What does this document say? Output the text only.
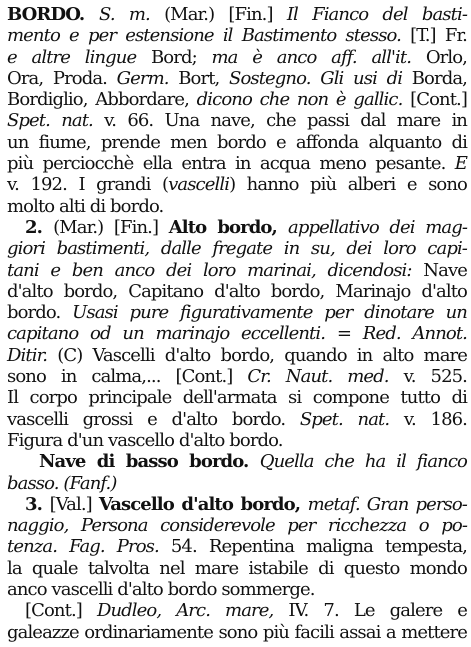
BORDO. S. m. (Mar.) [Fin.] Il Fianco del basti-
mento e per estensione il Bastimento stesso. [T.] Fr.
e altre lingue Bord; ma è anco aff. all'it. Orlo,
Ora, Proda. Germ. Bort, Sostegno. Gli usi di Borda,
Bordiglio, Abbordare, dicono che non è gallic. [Cont.]
Spet. nat. v. 66. Una nave, che passi dal mare in
un fiume, prende men bordo e affonda alquanto di
più perciocchè ella entra in acqua meno pesante. E
v. 192. I grandi (vascelli) hanno più alberi e sono
molto alti di bordo.
2. (Mar.) [Fin.] Alto bordo, appellativo dei mag-
giori bastimenti, dalle fregate in su, dei loro capi-
tani e ben anco dei loro marinai, dicendosi: Nave
d'alto bordo, Capitano d'alto bordo, Marinajo d'alto
bordo. Usasi pure figurativamente per dinotare un
capitano od un marinajo eccellenti. = Red. Annot.
Ditir. (C) Vascelli d'alto bordo, quando in alto mare
sono in calma,... [Cont.] Cr. Naut. med. v. 525.
Il corpo principale dell'armata si compone tutto di
vascelli grossi e d'alto bordo. Spet. nat. v. 186.
Figura d'un vascello d'alto bordo.
Nave di basso bordo. Quella che ha il fianco
basso. (Fanf.)
3. [Val.] Vascello d'alto bordo, metaf. Gran perso-
naggio, Persona considerevole per ricchezza o po-
tenza. Fag. Pros. 54. Repentina maligna tempesta,
la quale talvolta nel mare istabile di questo mondo
anco vascelli d'alto bordo sommerge.
[Cont.] Dudleo, Arc. mare, IV. 7. Le galere e
galeazze ordinariamente sono più facili assai a mettere
